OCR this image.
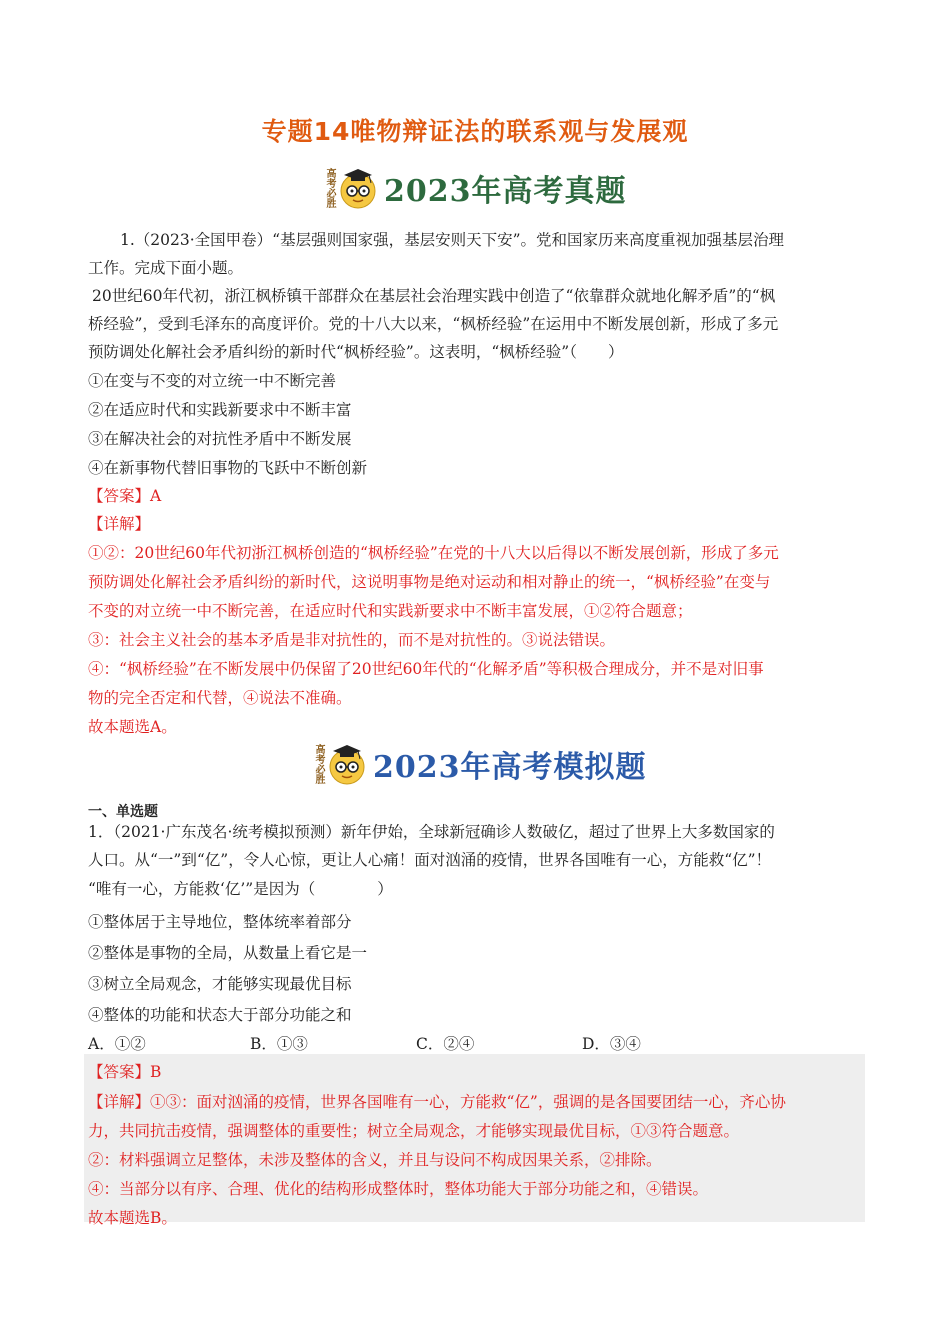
专题14唯物辩证法的联系观与发展观
高考必胜 2023年高考真题
1.（2023·全国甲卷）“基层强则国家强，基层安则天下安”。党和国家历来高度重视加强基层治理
工作。完成下面小题。
20世纪60年代初，浙江枫桥镇干部群众在基层社会治理实践中创造了“依靠群众就地化解矛盾”的“枫
桥经验”，受到毛泽东的高度评价。党的十八大以来，“枫桥经验”在运用中不断发展创新，形成了多元
预防调处化解社会矛盾纠纷的新时代“枫桥经验”。这表明，“枫桥经验”（　　）
①在变与不变的对立统一中不断完善
②在适应时代和实践新要求中不断丰富
③在解决社会的对抗性矛盾中不断发展
④在新事物代替旧事物的飞跃中不断创新
【答案】A
【详解】
①②：20世纪60年代初浙江枫桥创造的“枫桥经验”在党的十八大以后得以不断发展创新，形成了多元
预防调处化解社会矛盾纠纷的新时代，这说明事物是绝对运动和相对静止的统一，“枫桥经验”在变与
不变的对立统一中不断完善，在适应时代和实践新要求中不断丰富发展，①②符合题意；
③：社会主义社会的基本矛盾是非对抗性的，而不是对抗性的。③说法错误。
④：“枫桥经验”在不断发展中仍保留了20世纪60年代的“化解矛盾”等积极合理成分，并不是对旧事
物的完全否定和代替，④说法不准确。
故本题选A。
高考必胜 2023年高考模拟题
一、单选题
1．（2021·广东茂名·统考模拟预测）新年伊始，全球新冠确诊人数破亿，超过了世界上大多数国家的
人口。从“一”到“亿”，令人心惊，更让人心痛！面对汹涌的疫情，世界各国唯有一心，方能救“亿”！
“唯有一心，方能救‘亿’”是因为（　　　　）
①整体居于主导地位，整体统率着部分
②整体是事物的全局，从数量上看它是一
③树立全局观念，才能够实现最优目标
④整体的功能和状态大于部分功能之和
A．①②	B．①③	C．②④	D．③④
【答案】B
【详解】①③：面对汹涌的疫情，世界各国唯有一心，方能救“亿”，强调的是各国要团结一心，齐心协
力，共同抗击疫情，强调整体的重要性；树立全局观念，才能够实现最优目标，①③符合题意。
②：材料强调立足整体，未涉及整体的含义，并且与设问不构成因果关系，②排除。
④：当部分以有序、合理、优化的结构形成整体时，整体功能大于部分功能之和，④错误。
故本题选B。
